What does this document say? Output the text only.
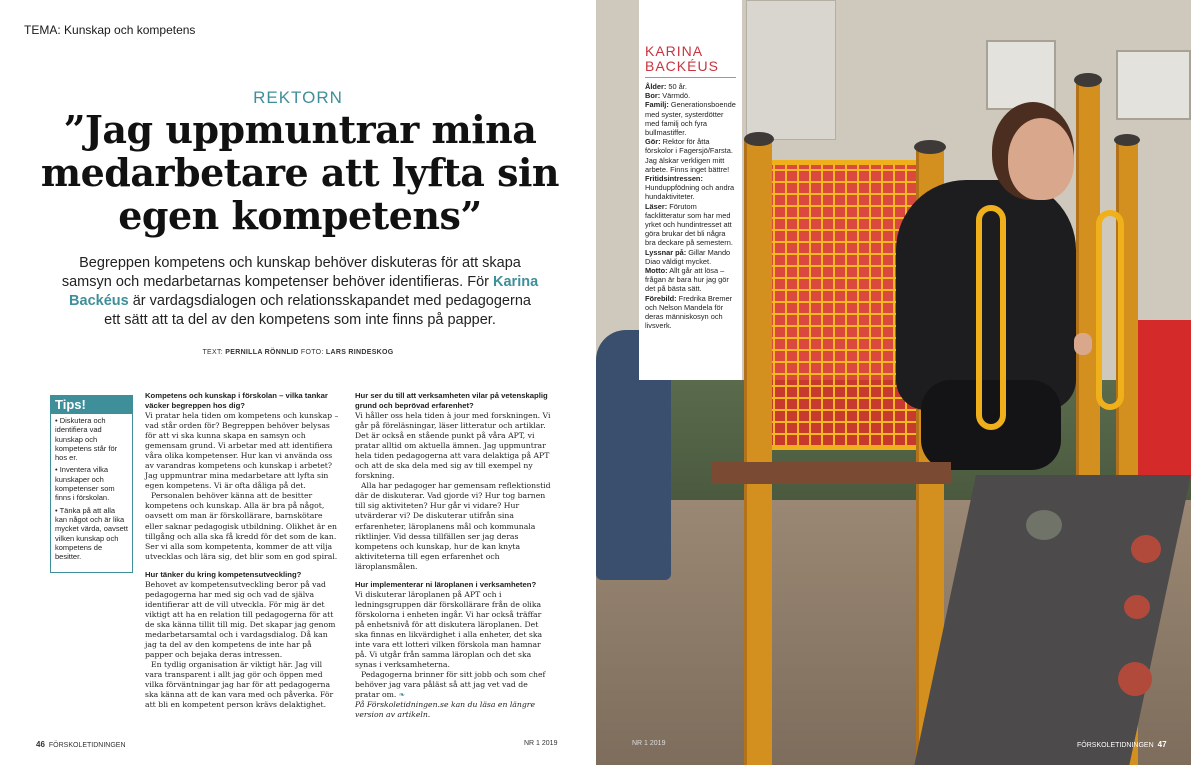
TEMA: Kunskap och kompetens
REKTORN
”Jag uppmuntrar mina medarbetare att lyfta sin egen kompetens”
Begreppen kompetens och kunskap behöver diskuteras för att skapa samsyn och medarbetarnas kompetenser behöver identifieras. För Karina Backéus är vardagsdialogen och relationsskapandet med pedagogerna ett sätt att ta del av den kompetens som inte finns på papper.
TEXT: PERNILLA RÖNNLID FOTO: LARS RINDESKOG
Tips!
• Diskutera och identifiera vad kunskap och kompetens står för hos er.
• Inventera vilka kunskaper och kompetenser som finns i förskolan.
• Tänka på att alla kan något och är lika mycket värda, oavsett vilken kunskap och kompetens de besitter.

Kompetens och kunskap i förskolan – vilka tankar väcker begreppen hos dig?

Vi pratar hela tiden om kompetens och kunskap – vad står orden för? Begreppen behöver belysas för att vi ska kunna skapa en samsyn och gemensam grund. Vi arbetar med att identifiera våra olika kompetenser. Hur kan vi använda oss av varandras kompetens och kunskap i arbetet? Jag uppmuntrar mina medarbetare att lyfta sin egen kompetens. Vi är ofta dåliga på det.

Personalen behöver känna att de besitter kompetens och kunskap. Alla är bra på något, oavsett om man är förskollärare, barnskötare eller saknar pedagogisk utbildning. Olikhet är en tillgång och alla ska få kredd för det som de kan. Ser vi alla som kompetenta, kommer de att vilja utvecklas och lära sig, det blir som en god spiral.

Hur tänker du kring kompetensutveckling?

Behovet av kompetensutveckling beror på vad pedagogerna har med sig och vad de själva identifierar att de vill utveckla. För mig är det viktigt att ha en relation till pedagogerna för att de ska känna tillit till mig. Det skapar jag genom medarbetarsamtal och i vardagsdialog. Då kan jag ta del av den kompetens de inte har på papper och bejaka deras intressen.

En tydlig organisation är viktigt här. Jag vill vara transparent i allt jag gör och öppen med vilka förväntningar jag har för att pedagogerna ska känna att de kan vara med och påverka. För att bli en kompetent person krävs delaktighet.

Hur ser du till att verksamheten vilar på vetenskaplig grund och beprövad erfarenhet?

Vi håller oss hela tiden à jour med forskningen. Vi går på föreläsningar, läser litteratur och artiklar. Det är också en stående punkt på våra APT, vi pratar alltid om aktuella ämnen. Jag uppmuntrar hela tiden pedagogerna att vara delaktiga på APT och att de ska dela med sig av till exempel ny forskning.

Alla har pedagoger har gemensam reflektionstid där de diskuterar. Vad gjorde vi? Hur tog barnen till sig aktiviteten? Hur går vi vidare? Hur utvärderar vi? De diskuterar utifrån sina erfarenheter, läroplanens mål och kommunala riktlinjer. Vid dessa tillfällen ser jag deras kompetens och kunskap, hur de kan knyta aktiviteterna till egen erfarenhet och läroplansmålen.

Hur implementerar ni läroplanen i verksamheten?

Vi diskuterar läroplanen på APT och i ledningsgruppen där förskollärare från de olika förskolorna i enheten ingår. Vi har också träffar på enhetsnivå för att diskutera läroplanen. Det ska finnas en likvärdighet i alla enheter, det ska inte vara ett lotteri vilken förskola man hamnar på. Vi utgår från samma läroplan och det ska synas i verksamheterna.

Pedagogerna brinner för sitt jobb och som chef behöver jag vara påläst så att jag vet vad de pratar om. ❧

På Förskoletidningen.se kan du läsa en längre version av artikeln.

46 FÖRSKOLETIDNINGEN	NR 1 2019
KARINA
BACKÉUS
Ålder: 50 år.
Bor: Värmdö.
Familj: Generationsboende med syster, systerdötter med familj och fyra bullmastiffer.
Gör: Rektor för åtta förskolor i Fagersjö/Farsta. Jag älskar verkligen mitt arbete. Finns inget bättre!
Fritidsintressen: Hunduppfödning och andra hundaktiviteter.
Läser: Förutom facklitteratur som har med yrket och hundintresset att göra brukar det bli några bra deckare på semestern.
Lyssnar på: Gillar Mando Diao väldigt mycket.
Motto: Allt går att lösa – frågan är bara hur jag gör det på bästa sätt.
Förebild: Fredrika Bremer och Nelson Mandela för deras människosyn och livsverk.
NR 1 2019	FÖRSKOLETIDNINGEN 47
